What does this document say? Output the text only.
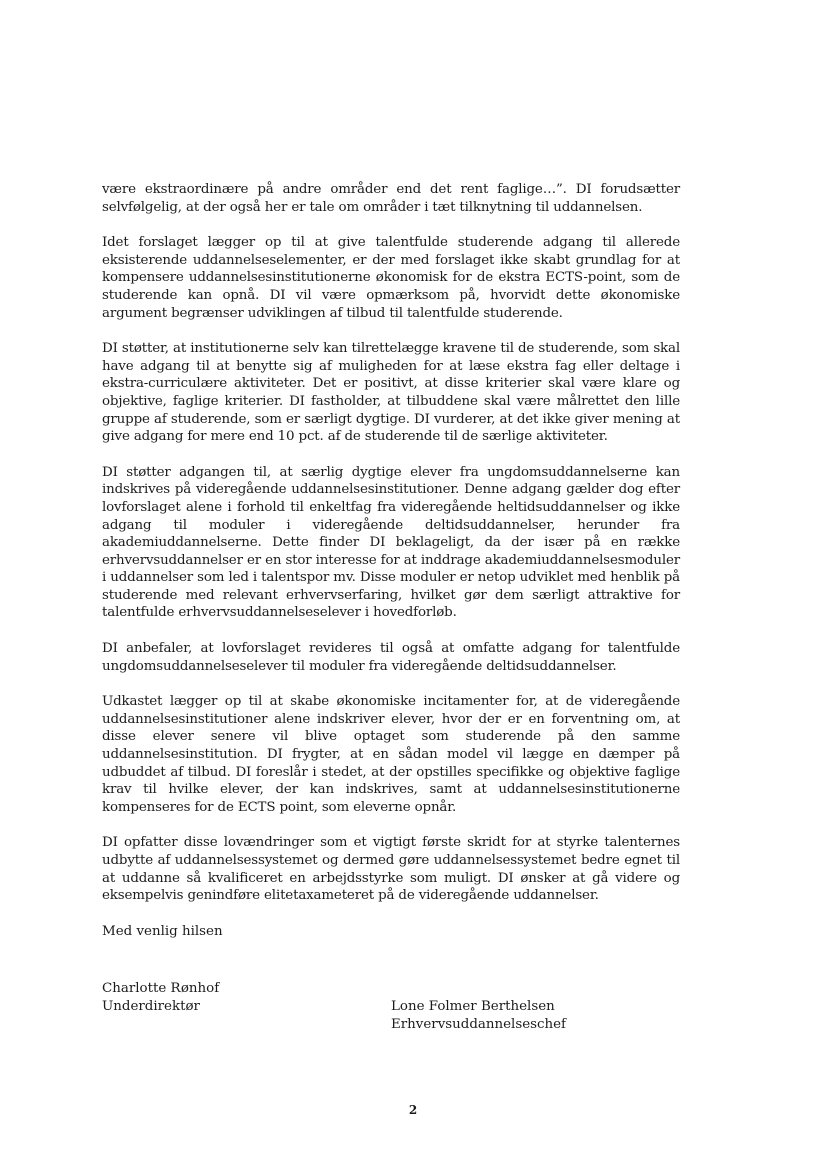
være ekstraordinære på andre områder end det rent faglige…”. DI forudsætter selvfølgelig, at der også her er tale om områder i tæt tilknytning til uddannelsen.

Idet forslaget lægger op til at give talentfulde studerende adgang til allerede eksisterende uddannelseselementer, er der med forslaget ikke skabt grundlag for at kompensere uddannelsesinstitutionerne økonomisk for de ekstra ECTS-point, som de studerende kan opnå. DI vil være opmærksom på, hvorvidt dette økonomiske argument begrænser udviklingen af tilbud til talentfulde studerende.

DI støtter, at institutionerne selv kan tilrettelægge kravene til de studerende, som skal have adgang til at benytte sig af muligheden for at læse ekstra fag eller deltage i ekstra-curriculære aktiviteter. Det er positivt, at disse kriterier skal være klare og objektive, faglige kriterier. DI fastholder, at tilbuddene skal være målrettet den lille gruppe af studerende, som er særligt dygtige. DI vurderer, at det ikke giver mening at give adgang for mere end 10 pct. af de studerende til de særlige aktiviteter.

DI støtter adgangen til, at særlig dygtige elever fra ungdomsuddannelserne kan indskrives på videregående uddannelsesinstitutioner. Denne adgang gælder dog efter lovforslaget alene i forhold til enkeltfag fra videregående heltidsuddannelser og ikke adgang til moduler i videregående deltidsuddannelser, herunder fra akademiuddannelserne. Dette finder DI beklageligt, da der især på en række erhvervsuddannelser er en stor interesse for at inddrage akademiuddannelsesmoduler i uddannelser som led i talentspor mv. Disse moduler er netop udviklet med henblik på studerende med relevant erhvervserfaring, hvilket gør dem særligt attraktive for talentfulde erhvervsuddannelseselever i hovedforløb.

DI anbefaler, at lovforslaget revideres til også at omfatte adgang for talentfulde ungdomsuddannelseselever til moduler fra videregående deltidsuddannelser.

Udkastet lægger op til at skabe økonomiske incitamenter for, at de videregående uddannelsesinstitutioner alene indskriver elever, hvor der er en forventning om, at disse elever senere vil blive optaget som studerende på den samme uddannelsesinstitution. DI frygter, at en sådan model vil lægge en dæmper på udbuddet af tilbud. DI foreslår i stedet, at der opstilles specifikke og objektive faglige krav til hvilke elever, der kan indskrives, samt at uddannelsesinstitutionerne kompenseres for de ECTS point, som eleverne opnår.

DI opfatter disse lovændringer som et vigtigt første skridt for at styrke talenternes udbytte af uddannelsessystemet og dermed gøre uddannelsessystemet bedre egnet til at uddanne så kvalificeret en arbejdsstyrke som muligt. DI ønsker at gå videre og eksempelvis genindføre elitetaxameteret på de videregående uddannelser.

Med venlig hilsen

Charlotte Rønhof
Underdirektør	Lone Folmer Berthelsen
Erhvervsuddannelseschef
2
